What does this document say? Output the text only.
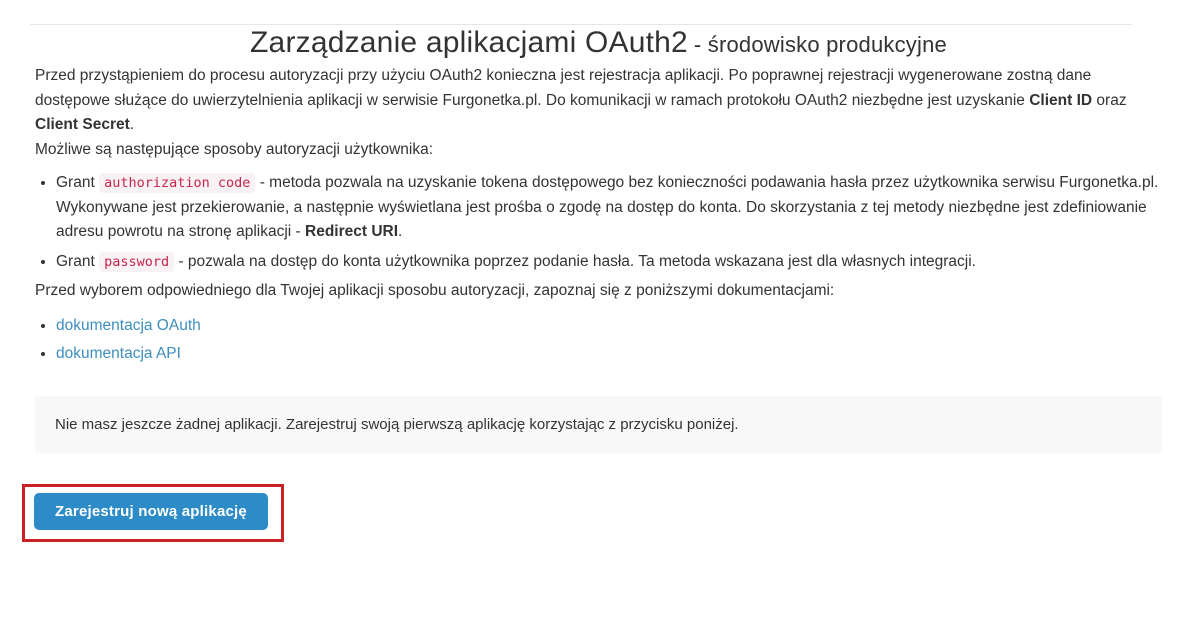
Zarządzanie aplikacjami OAuth2 - środowisko produkcyjne

Przed przystąpieniem do procesu autoryzacji przy użyciu OAuth2 konieczna jest rejestracja aplikacji. Po poprawnej rejestracji wygenerowane zostną dane dostępowe służące do uwierzytelnienia aplikacji w serwisie Furgonetka.pl. Do komunikacji w ramach protokołu OAuth2 niezbędne jest uzyskanie Client ID oraz Client Secret.

Możliwe są następujące sposoby autoryzacji użytkownika:

• Grant authorization code - metoda pozwala na uzyskanie tokena dostępowego bez konieczności podawania hasła przez użytkownika serwisu Furgonetka.pl. Wykonywane jest przekierowanie, a następnie wyświetlana jest prośba o zgodę na dostęp do konta. Do skorzystania z tej metody niezbędne jest zdefiniowanie adresu powrotu na stronę aplikacji - Redirect URI.
• Grant password - pozwala na dostęp do konta użytkownika poprzez podanie hasła. Ta metoda wskazana jest dla własnych integracji.

Przed wyborem odpowiedniego dla Twojej aplikacji sposobu autoryzacji, zapoznaj się z poniższymi dokumentacjami:

• dokumentacja OAuth
• dokumentacja API
Nie masz jeszcze żadnej aplikacji. Zarejestruj swoją pierwszą aplikację korzystając z przycisku poniżej.
Zarejestruj nową aplikację
